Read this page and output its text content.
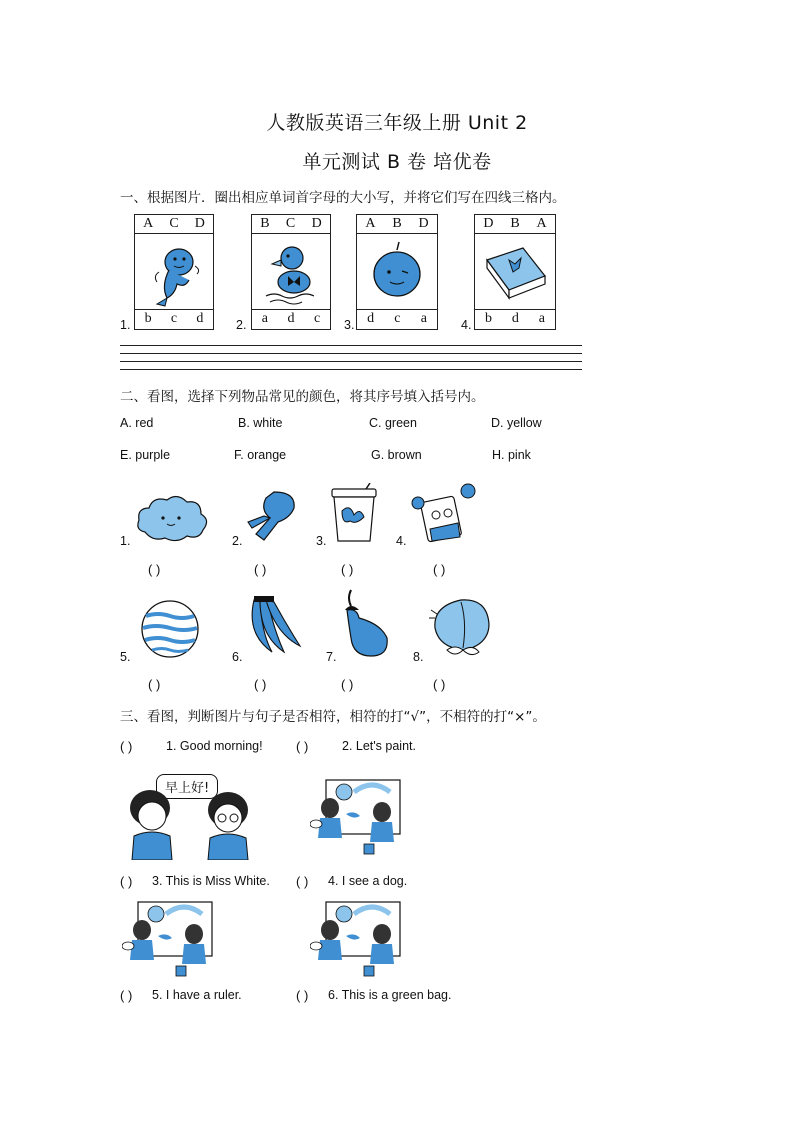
人教版英语三年级上册 Unit 2
单元测试 B 卷 培优卷
一、根据图片．圈出相应单词首字母的大小写，并将它们写在四线三格内。
1.
A C D
b c d	2.
B C D
a d c 3.
A B D
d c a	4.
D B A
b d a
二、看图，选择下列物品常见的颜色，将其序号填入括号内。
A. red	B. white	C. green	D. yellow
E. purple	F. orange	G. brown	H. pink
1.	2.	3.	4.
( )	( )	( )	( )
5.	6.	7.	8.
( )	( )	( )	( )
三、看图，判断图片与句子是否相符，相符的打“√”，不相符的打“×”。
( )	1. Good morning!	( )	2. Let's paint.
早上好!
( ) 3. This is Miss White. ( ) 4. I see a dog.
( ) 5. I have a ruler.	( ) 6. This is a green bag.
